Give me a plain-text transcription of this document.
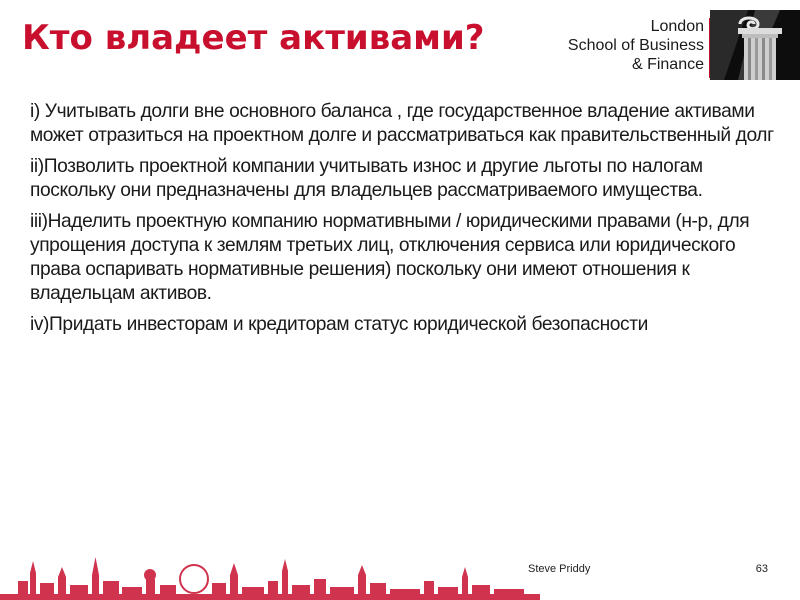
Кто владеет активами?	London
School of Business
& Finance

i) Учитывать долги вне основного баланса , где государственное владение активами может отразиться на проектном долге и рассматриваться как правительственный долг

ii)Позволить проектной компании учитывать износ и другие льготы по налогам поскольку они предназначены для владельцев рассматриваемого имущества.

iii)Наделить проектную компанию нормативными / юридическими правами (н-р, для упрощения доступа к землям третьих лиц, отключения сервиса или юридического права оспаривать нормативные решения) поскольку они имеют отношения к владельцам активов.

iv)Придать инвесторам и кредиторам статус юридической безопасности

Steve Priddy	63
